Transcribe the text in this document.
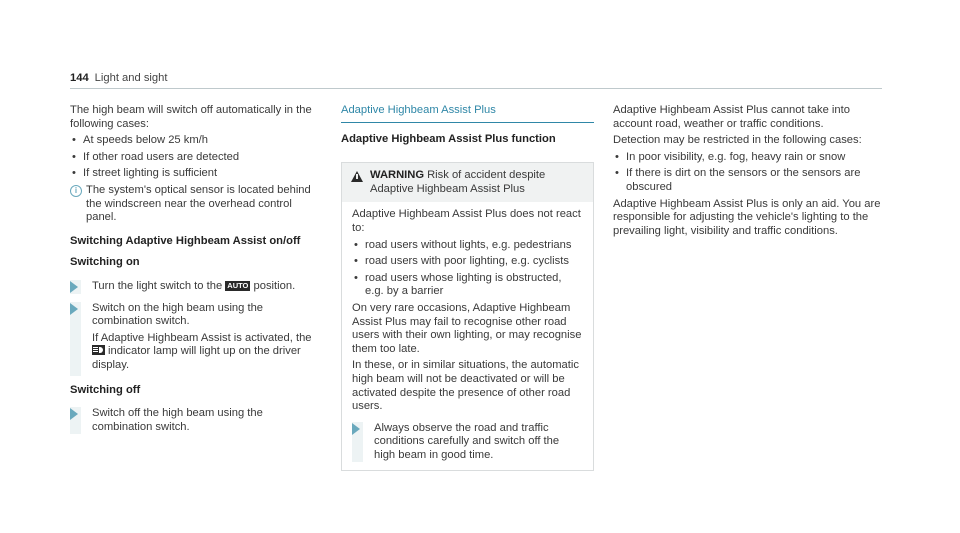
144 Light and sight

The high beam will switch off automatically in the following cases:

• At speeds below 25 km/h
• If other road users are detected
• If street lighting is sufficient
i The system's optical sensor is located behind the windscreen near the overhead control panel.
Switching Adaptive Highbeam Assist on/off
Switching on
Turn the light switch to the AUTO position.

Switch on the high beam using the combination switch.

If Adaptive Highbeam Assist is activated, the indicator lamp will light up on the driver display.

Switching off
Switch off the high beam using the combination switch.
Adaptive Highbeam Assist Plus
Adaptive Highbeam Assist Plus function
WARNING Risk of accident despite Adaptive Highbeam Assist Plus

Adaptive Highbeam Assist Plus does not react to:

• road users without lights, e.g. pedestrians
• road users with poor lighting, e.g. cyclists
• road users whose lighting is obstructed, e.g. by a barrier

On very rare occasions, Adaptive Highbeam Assist Plus may fail to recognise other road users with their own lighting, or may recognise them too late.

In these, or in similar situations, the automatic high beam will not be deactivated or will be activated despite the presence of other road users.

Always observe the road and traffic conditions carefully and switch off the high beam in good time.

Adaptive Highbeam Assist Plus cannot take into account road, weather or traffic conditions.

Detection may be restricted in the following cases:

• In poor visibility, e.g. fog, heavy rain or snow
• If there is dirt on the sensors or the sensors are obscured

Adaptive Highbeam Assist Plus is only an aid. You are responsible for adjusting the vehicle's lighting to the prevailing light, visibility and traffic conditions.
